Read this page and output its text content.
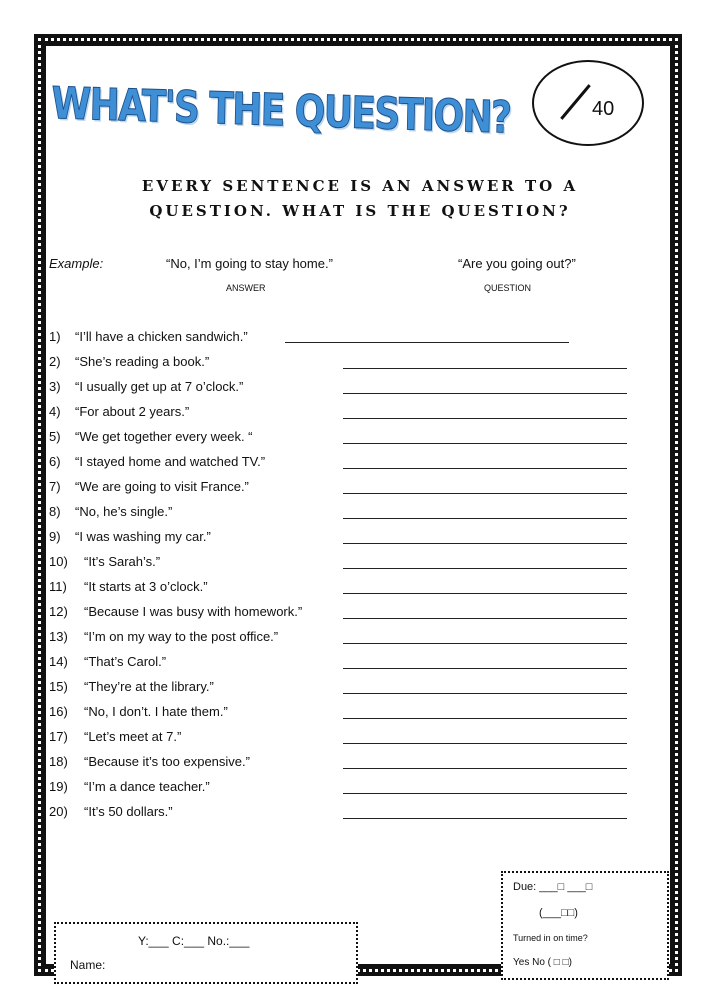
WHAT'S THE QUESTION?	40
EVERY SENTENCE IS AN ANSWER TO A
QUESTION. WHAT IS THE QUESTION?
Example:	“No, I’m going to stay home.”	“Are you going out?”
ANSWER	QUESTION
1) “I’ll have a chicken sandwich.”
2) “She’s reading a book.”
3) “I usually get up at 7 o’clock.”
4) “For about 2 years.”
5) “We get together every week. “
6) “I stayed home and watched TV.”
7) “We are going to visit France.”
8) “No, he’s single.”
9) “I was washing my car.”
10) “It’s Sarah’s.”
11) “It starts at 3 o’clock.”
12) “Because I was busy with homework.”
13) “I’m on my way to the post office.”
14) “That’s Carol.”
15) “They’re at the library.”
16) “No, I don’t. I hate them.”
17) “Let’s meet at 7.”
18) “Because it’s too expensive.”
19) “I’m a dance teacher.”
20) “It’s 50 dollars.”
Due: ___□ ___□
(___□□)
Turned in on time?
Yes No ( □ □)
Y:___ C:___ No.:___
Name:
